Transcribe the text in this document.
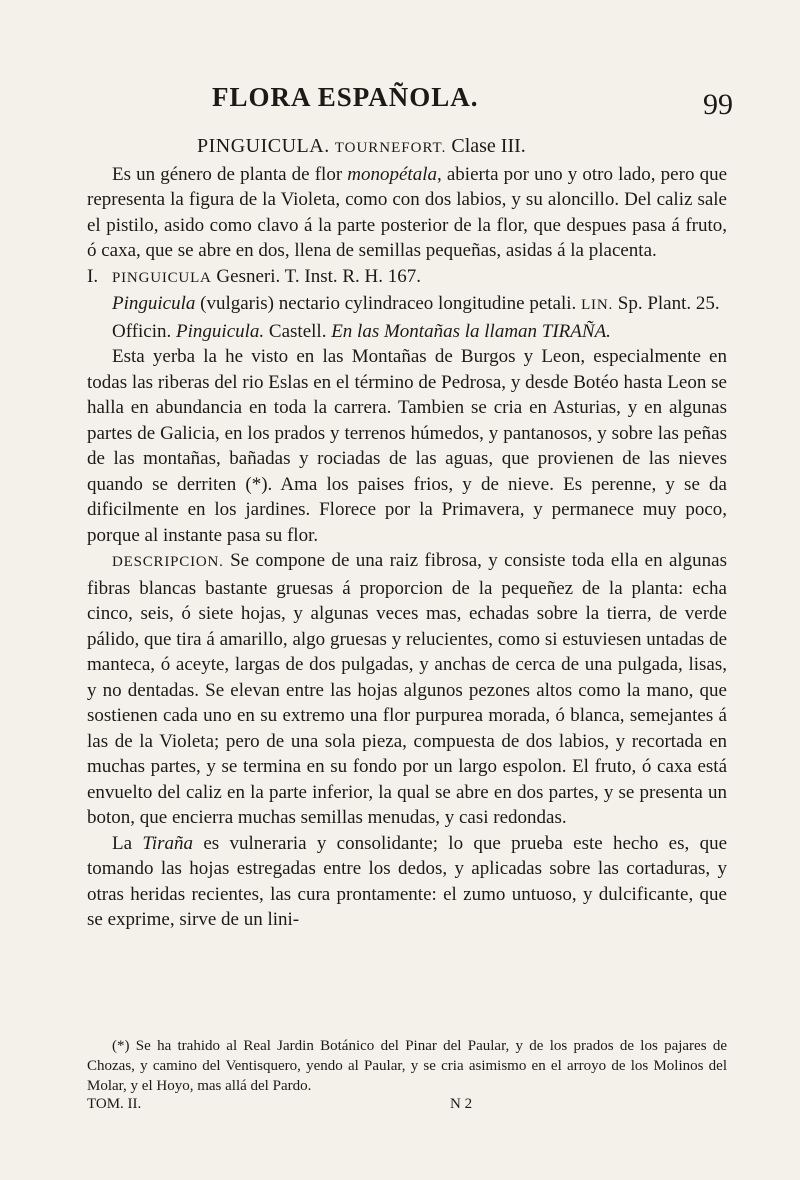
FLORA ESPAÑOLA.	99

PINGUICULA. TOURNEFORT. Clase III.

Es un género de planta de flor monopétala, abierta por uno y otro lado, pero que representa la figura de la Violeta, como con dos labios, y su aloncillo. Del caliz sale el pistilo, asido como clavo á la parte posterior de la flor, que despues pasa á fruto, ó caxa, que se abre en dos, llena de semillas pequeñas, asidas á la placenta.

I. PINGUICULA Gesneri. T. Inst. R. H. 167.

Pinguicula (vulgaris) nectario cylindraceo longitudine petali. LIN. Sp. Plant. 25.

Officin. Pinguicula. Castell. En las Montañas la llaman TIRAÑA.

Esta yerba la he visto en las Montañas de Burgos y Leon, especialmente en todas las riberas del rio Eslas en el término de Pedrosa, y desde Botéo hasta Leon se halla en abundancia en toda la carrera. Tambien se cria en Asturias, y en algunas partes de Galicia, en los prados y terrenos húmedos, y pantanosos, y sobre las peñas de las montañas, bañadas y rociadas de las aguas, que provienen de las nieves quando se derriten (*). Ama los paises frios, y de nieve. Es perenne, y se da dificilmente en los jardines. Florece por la Primavera, y permanece muy poco, porque al instante pasa su flor.

DESCRIPCION. Se compone de una raiz fibrosa, y consiste toda ella en algunas fibras blancas bastante gruesas á proporcion de la pequeñez de la planta: echa cinco, seis, ó siete hojas, y algunas veces mas, echadas sobre la tierra, de verde pálido, que tira á amarillo, algo gruesas y relucientes, como si estuviesen untadas de manteca, ó aceyte, largas de dos pulgadas, y anchas de cerca de una pulgada, lisas, y no dentadas. Se elevan entre las hojas algunos pezones altos como la mano, que sostienen cada uno en su extremo una flor purpurea morada, ó blanca, semejantes á las de la Violeta; pero de una sola pieza, compuesta de dos labios, y recortada en muchas partes, y se termina en su fondo por un largo espolon. El fruto, ó caxa está envuelto del caliz en la parte inferior, la qual se abre en dos partes, y se presenta un boton, que encierra muchas semillas menudas, y casi redondas.

La Tiraña es vulneraria y consolidante; lo que prueba este hecho es, que tomando las hojas estregadas entre los dedos, y aplicadas sobre las cortaduras, y otras heridas recientes, las cura prontamente: el zumo untuoso, y dulcificante, que se exprime, sirve de un lini-

(*) Se ha trahido al Real Jardin Botánico del Pinar del Paular, y de los prados de los pajares de Chozas, y camino del Ventisquero, yendo al Paular, y se cria asimismo en el arroyo de los Molinos del Molar, y el Hoyo, mas allá del Pardo.

TOM. II.	N 2
